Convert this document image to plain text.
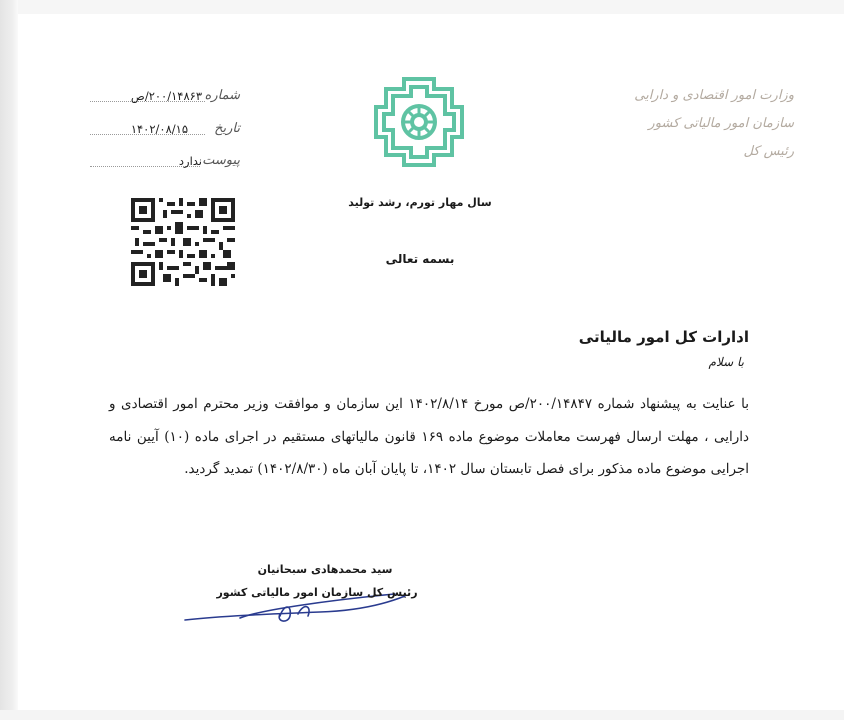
وزارت امور اقتصادی و دارایی
سازمان امور مالیاتی کشور
رئیس کل
شماره
۲۰۰/۱۴۸۶۳/ص
تاریخ
۱۴۰۲/۰۸/۱۵
پیوست
ندارد
سال مهار تورم، رشد تولید
بسمه تعالی
ادارات کل امور مالیاتی
با سلام
با عنایت به پیشنهاد شماره ۲۰۰/۱۴۸۴۷/ص مورخ ۱۴۰۲/۸/۱۴ این سازمان و موافقت وزیر محترم امور اقتصادی و دارایی ، مهلت ارسال فهرست معاملات موضوع ماده ۱۶۹ قانون مالیاتهای مستقیم در اجرای ماده (۱۰) آیین نامه اجرایی موضوع ماده مذکور برای فصل تابستان سال ۱۴۰۲، تا پایان آبان ماه (۱۴۰۲/۸/۳۰) تمدید گردید.
سید محمدهادی سبحانیان
رئیس کل سازمان امور مالیاتی کشور
